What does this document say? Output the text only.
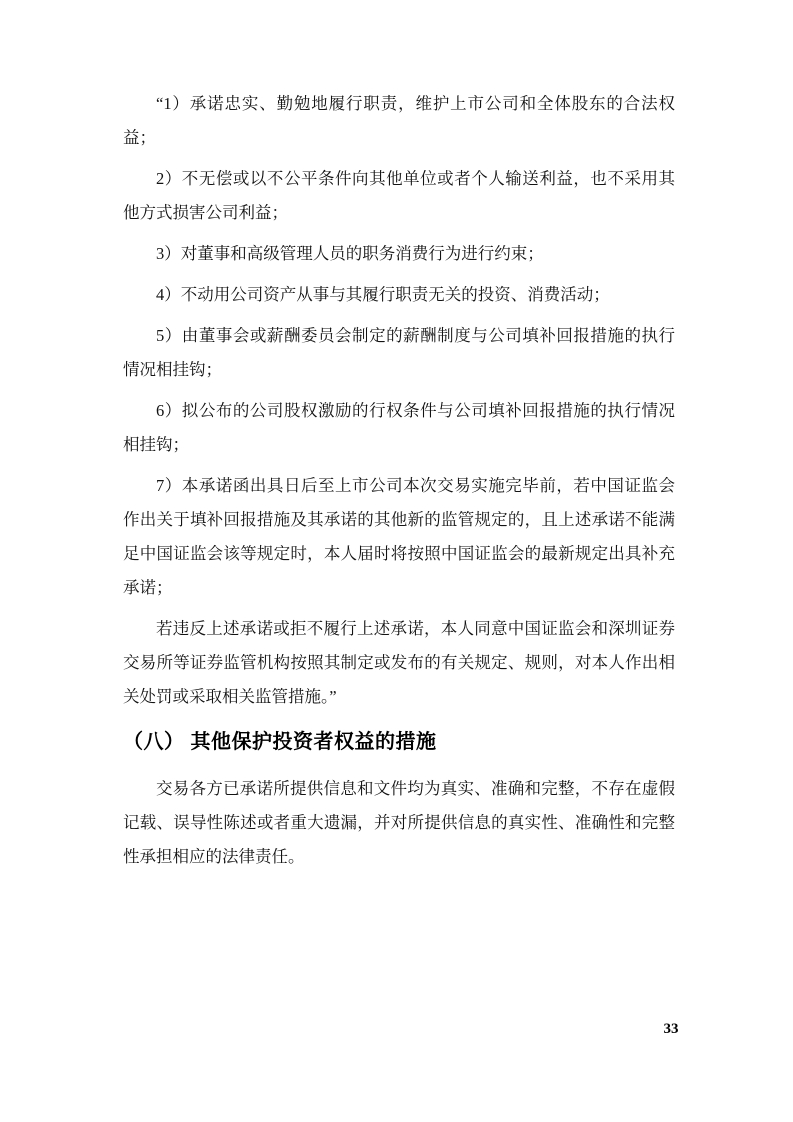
“1）承诺忠实、勤勉地履行职责，维护上市公司和全体股东的合法权益；

2）不无偿或以不公平条件向其他单位或者个人输送利益，也不采用其他方式损害公司利益；

3）对董事和高级管理人员的职务消费行为进行约束；

4）不动用公司资产从事与其履行职责无关的投资、消费活动；

5）由董事会或薪酬委员会制定的薪酬制度与公司填补回报措施的执行情况相挂钩；

6）拟公布的公司股权激励的行权条件与公司填补回报措施的执行情况相挂钩；

7）本承诺函出具日后至上市公司本次交易实施完毕前，若中国证监会作出关于填补回报措施及其承诺的其他新的监管规定的，且上述承诺不能满足中国证监会该等规定时，本人届时将按照中国证监会的最新规定出具补充承诺；

若违反上述承诺或拒不履行上述承诺，本人同意中国证监会和深圳证券交易所等证券监管机构按照其制定或发布的有关规定、规则，对本人作出相关处罚或采取相关监管措施。”

（八） 其他保护投资者权益的措施

交易各方已承诺所提供信息和文件均为真实、准确和完整，不存在虚假记载、误导性陈述或者重大遗漏，并对所提供信息的真实性、准确性和完整性承担相应的法律责任。

33
